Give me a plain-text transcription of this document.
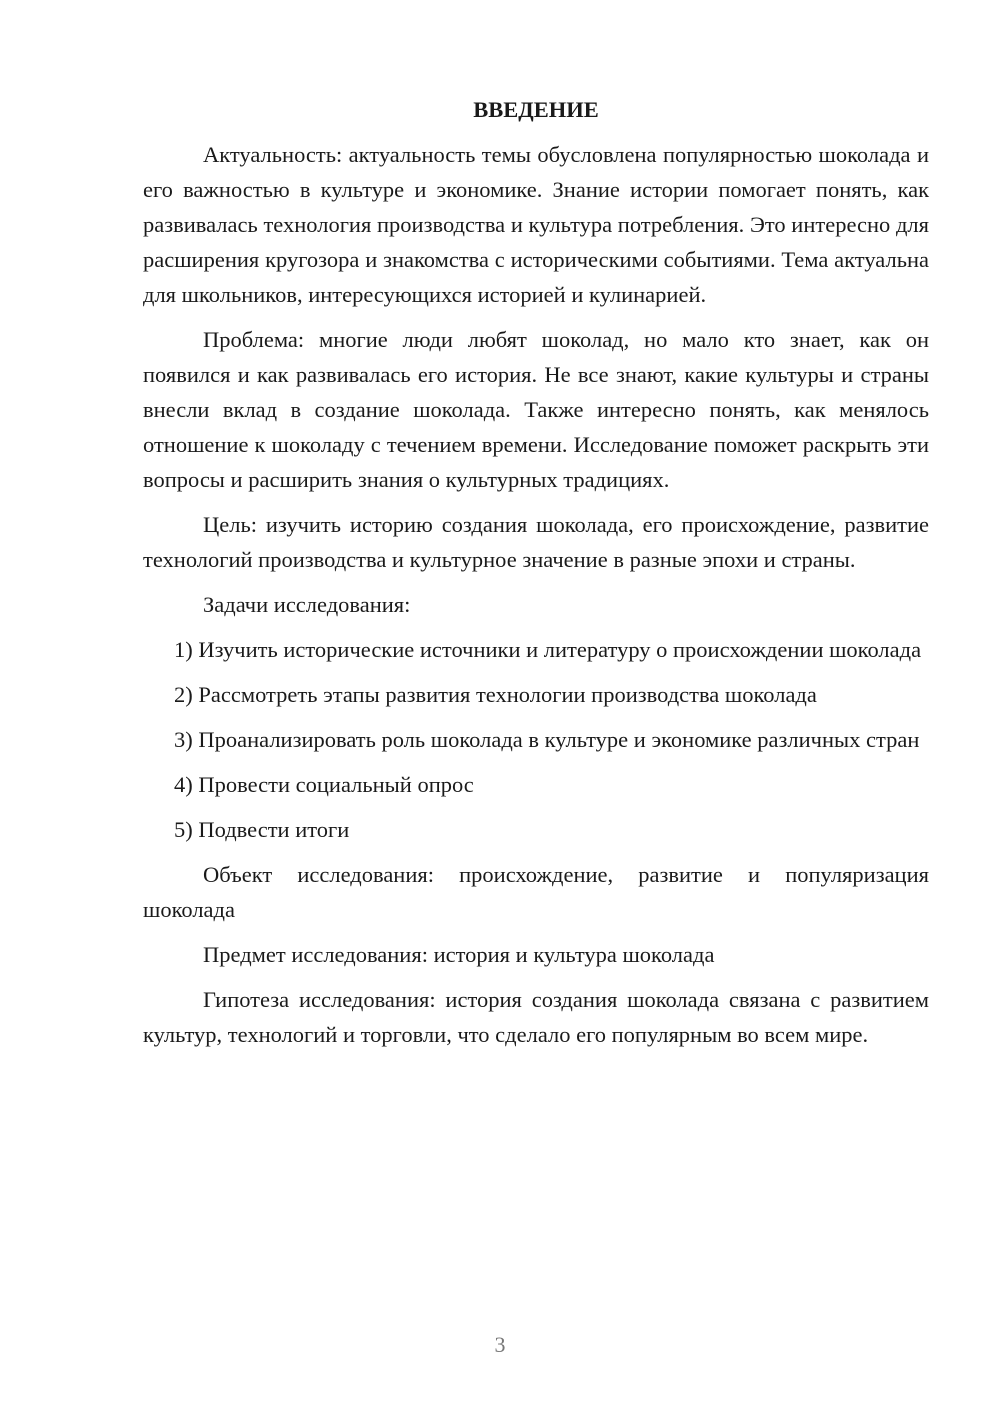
ВВЕДЕНИЕ

Актуальность: актуальность темы обусловлена популярностью шоколада и его важностью в культуре и экономике. Знание истории помогает понять, как развивалась технология производства и культура потребления. Это интересно для расширения кругозора и знакомства с историческими событиями. Тема актуальна для школьников, интересующихся историей и кулинарией.

Проблема: многие люди любят шоколад, но мало кто знает, как он появился и как развивалась его история. Не все знают, какие культуры и страны внесли вклад в создание шоколада. Также интересно понять, как менялось отношение к шоколаду с течением времени. Исследование поможет раскрыть эти вопросы и расширить знания о культурных традициях.

Цель: изучить историю создания шоколада, его происхождение, развитие технологий производства и культурное значение в разные эпохи и страны.

Задачи исследования:

1) Изучить исторические источники и литературу о происхождении шоколада

2) Рассмотреть этапы развития технологии производства шоколада

3) Проанализировать роль шоколада в культуре и экономике различных стран

4) Провести социальный опрос

5) Подвести итоги

Объект исследования: происхождение, развитие и популяризация шоколада

Предмет исследования: история и культура шоколада

Гипотеза исследования: история создания шоколада связана с развитием культур, технологий и торговли, что сделало его популярным во всем мире.

3
